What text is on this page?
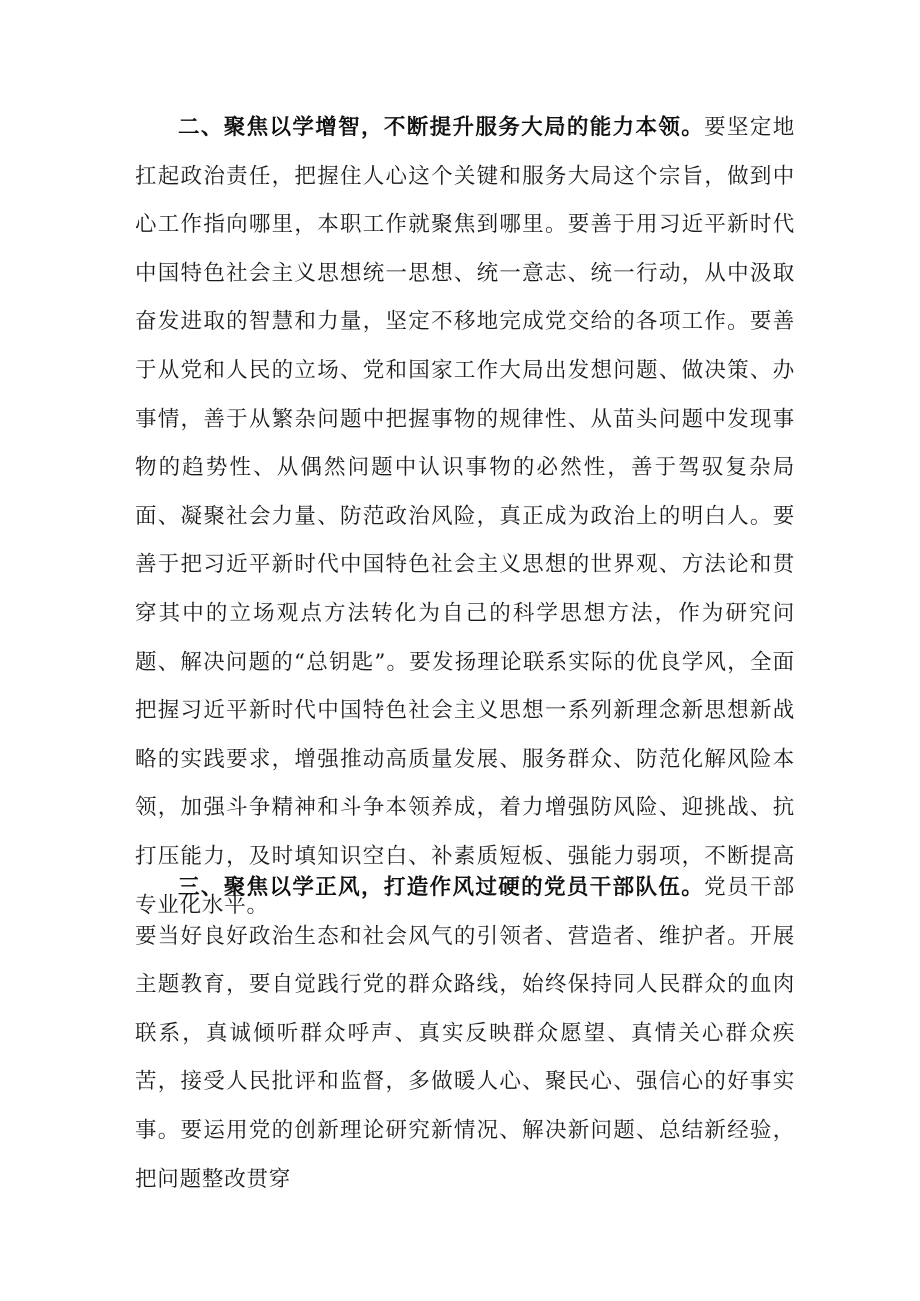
二、聚焦以学增智，不断提升服务大局的能力本领。要坚定地扛起政治责任，把握住人心这个关键和服务大局这个宗旨，做到中心工作指向哪里，本职工作就聚焦到哪里。要善于用习近平新时代中国特色社会主义思想统一思想、统一意志、统一行动，从中汲取奋发进取的智慧和力量，坚定不移地完成党交给的各项工作。要善于从党和人民的立场、党和国家工作大局出发想问题、做决策、办事情，善于从繁杂问题中把握事物的规律性、从苗头问题中发现事物的趋势性、从偶然问题中认识事物的必然性，善于驾驭复杂局面、凝聚社会力量、防范政治风险，真正成为政治上的明白人。要善于把习近平新时代中国特色社会主义思想的世界观、方法论和贯穿其中的立场观点方法转化为自己的科学思想方法，作为研究问题、解决问题的“总钥匙”。要发扬理论联系实际的优良学风，全面把握习近平新时代中国特色社会主义思想一系列新理念新思想新战略的实践要求，增强推动高质量发展、服务群众、防范化解风险本领，加强斗争精神和斗争本领养成，着力增强防风险、迎挑战、抗打压能力，及时填知识空白、补素质短板、强能力弱项，不断提高专业化水平。

三、聚焦以学正风，打造作风过硬的党员干部队伍。党员干部要当好良好政治生态和社会风气的引领者、营造者、维护者。开展主题教育，要自觉践行党的群众路线，始终保持同人民群众的血肉联系，真诚倾听群众呼声、真实反映群众愿望、真情关心群众疾苦，接受人民批评和监督，多做暖人心、聚民心、强信心的好事实事。要运用党的创新理论研究新情况、解决新问题、总结新经验，把问题整改贯穿
